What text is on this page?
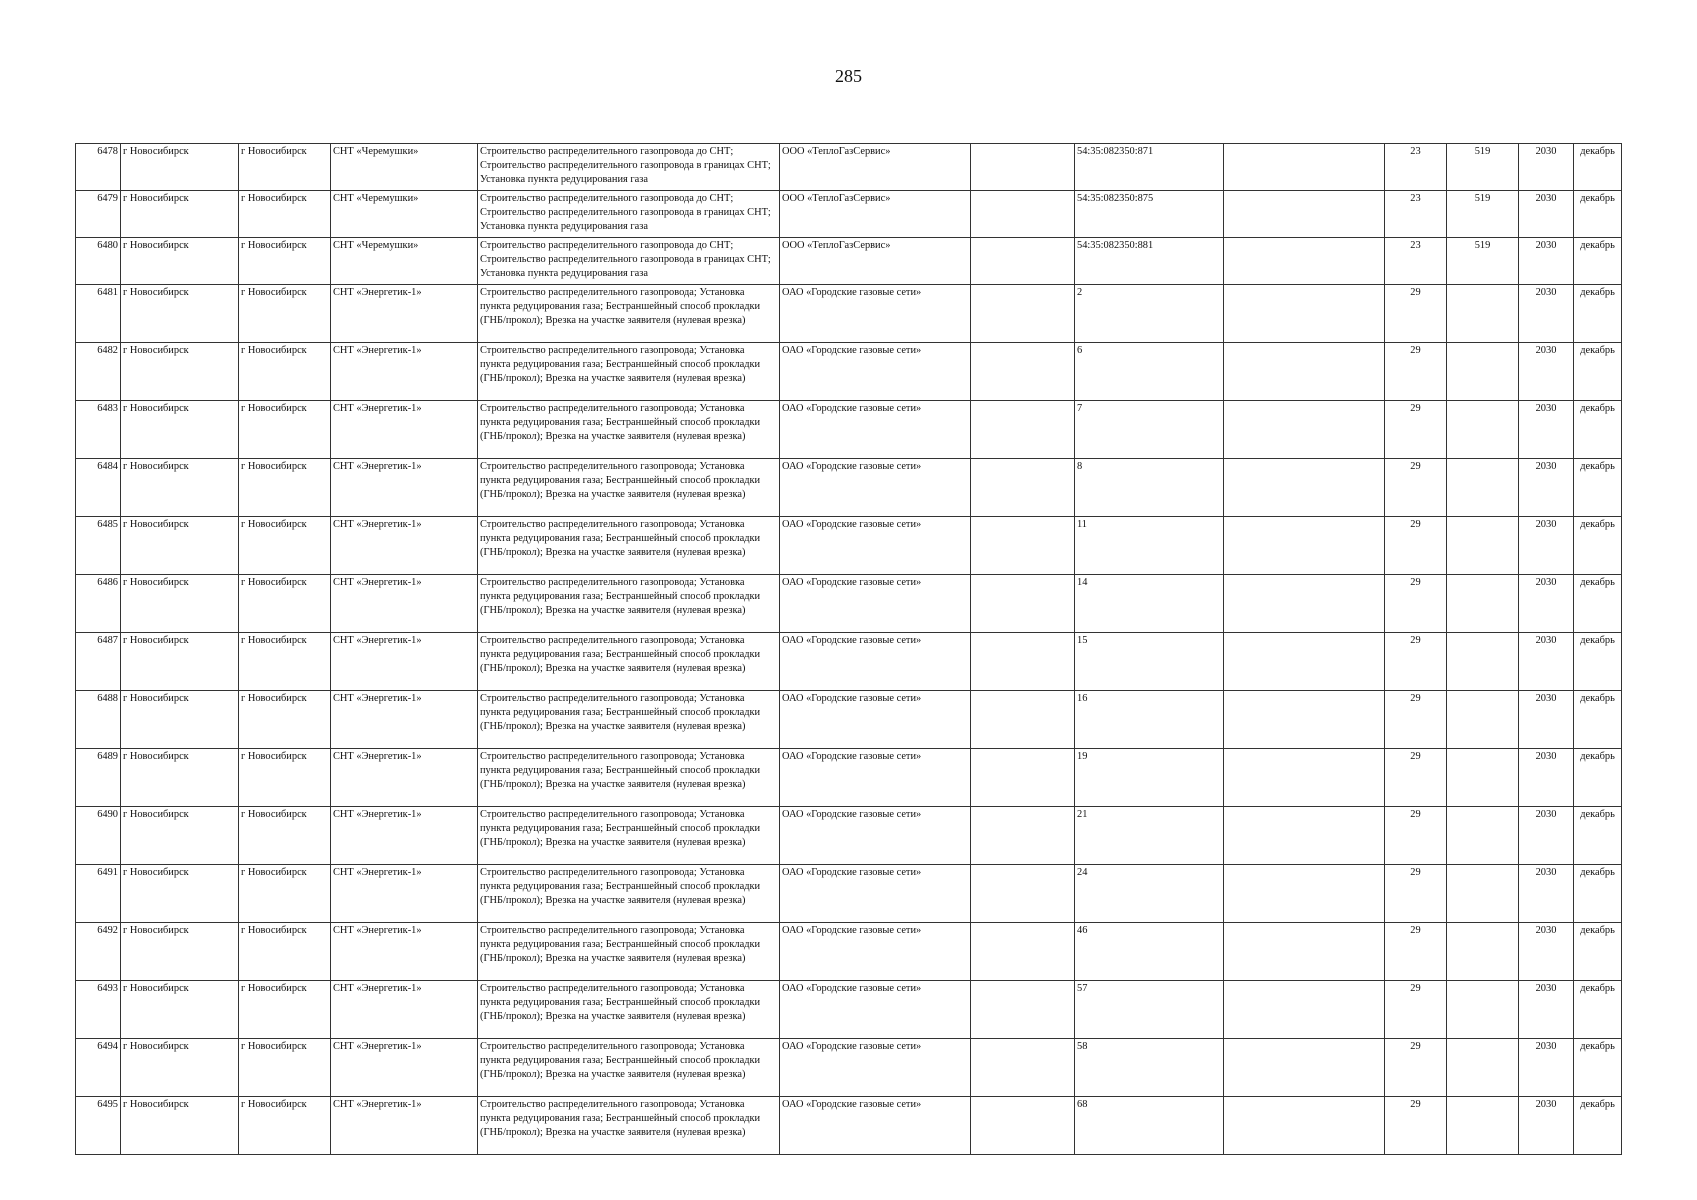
285
6478	г Новосибирск	г Новосибирск	СНТ «Черемушки»	Строительство распределительного газопровода до СНТ; Строительство распределительного газопровода в границах СНТ; Установка пункта редуцирования газа	ООО «ТеплоГазСервис»		54:35:082350:871		23	519	2030	декабрь
6479	г Новосибирск	г Новосибирск	СНТ «Черемушки»	Строительство распределительного газопровода до СНТ; Строительство распределительного газопровода в границах СНТ; Установка пункта редуцирования газа	ООО «ТеплоГазСервис»		54:35:082350:875		23	519	2030	декабрь
6480	г Новосибирск	г Новосибирск	СНТ «Черемушки»	Строительство распределительного газопровода до СНТ; Строительство распределительного газопровода в границах СНТ; Установка пункта редуцирования газа	ООО «ТеплоГазСервис»		54:35:082350:881		23	519	2030	декабрь
6481	г Новосибирск	г Новосибирск	СНТ «Энергетик-1»	Строительство распределительного газопровода; Установка пункта редуцирования газа; Бестраншейный способ прокладки (ГНБ/прокол); Врезка на участке заявителя (нулевая врезка)	ОАО «Городские газовые сети»		2		29		2030	декабрь
6482	г Новосибирск	г Новосибирск	СНТ «Энергетик-1»	Строительство распределительного газопровода; Установка пункта редуцирования газа; Бестраншейный способ прокладки (ГНБ/прокол); Врезка на участке заявителя (нулевая врезка)	ОАО «Городские газовые сети»		6		29		2030	декабрь
6483	г Новосибирск	г Новосибирск	СНТ «Энергетик-1»	Строительство распределительного газопровода; Установка пункта редуцирования газа; Бестраншейный способ прокладки (ГНБ/прокол); Врезка на участке заявителя (нулевая врезка)	ОАО «Городские газовые сети»		7		29		2030	декабрь
6484	г Новосибирск	г Новосибирск	СНТ «Энергетик-1»	Строительство распределительного газопровода; Установка пункта редуцирования газа; Бестраншейный способ прокладки (ГНБ/прокол); Врезка на участке заявителя (нулевая врезка)	ОАО «Городские газовые сети»		8		29		2030	декабрь
6485	г Новосибирск	г Новосибирск	СНТ «Энергетик-1»	Строительство распределительного газопровода; Установка пункта редуцирования газа; Бестраншейный способ прокладки (ГНБ/прокол); Врезка на участке заявителя (нулевая врезка)	ОАО «Городские газовые сети»		11		29		2030	декабрь
6486	г Новосибирск	г Новосибирск	СНТ «Энергетик-1»	Строительство распределительного газопровода; Установка пункта редуцирования газа; Бестраншейный способ прокладки (ГНБ/прокол); Врезка на участке заявителя (нулевая врезка)	ОАО «Городские газовые сети»		14		29		2030	декабрь
6487	г Новосибирск	г Новосибирск	СНТ «Энергетик-1»	Строительство распределительного газопровода; Установка пункта редуцирования газа; Бестраншейный способ прокладки (ГНБ/прокол); Врезка на участке заявителя (нулевая врезка)	ОАО «Городские газовые сети»		15		29		2030	декабрь
6488	г Новосибирск	г Новосибирск	СНТ «Энергетик-1»	Строительство распределительного газопровода; Установка пункта редуцирования газа; Бестраншейный способ прокладки (ГНБ/прокол); Врезка на участке заявителя (нулевая врезка)	ОАО «Городские газовые сети»		16		29		2030	декабрь
6489	г Новосибирск	г Новосибирск	СНТ «Энергетик-1»	Строительство распределительного газопровода; Установка пункта редуцирования газа; Бестраншейный способ прокладки (ГНБ/прокол); Врезка на участке заявителя (нулевая врезка)	ОАО «Городские газовые сети»		19		29		2030	декабрь
6490	г Новосибирск	г Новосибирск	СНТ «Энергетик-1»	Строительство распределительного газопровода; Установка пункта редуцирования газа; Бестраншейный способ прокладки (ГНБ/прокол); Врезка на участке заявителя (нулевая врезка)	ОАО «Городские газовые сети»		21		29		2030	декабрь
6491	г Новосибирск	г Новосибирск	СНТ «Энергетик-1»	Строительство распределительного газопровода; Установка пункта редуцирования газа; Бестраншейный способ прокладки (ГНБ/прокол); Врезка на участке заявителя (нулевая врезка)	ОАО «Городские газовые сети»		24		29		2030	декабрь
6492	г Новосибирск	г Новосибирск	СНТ «Энергетик-1»	Строительство распределительного газопровода; Установка пункта редуцирования газа; Бестраншейный способ прокладки (ГНБ/прокол); Врезка на участке заявителя (нулевая врезка)	ОАО «Городские газовые сети»		46		29		2030	декабрь
6493	г Новосибирск	г Новосибирск	СНТ «Энергетик-1»	Строительство распределительного газопровода; Установка пункта редуцирования газа; Бестраншейный способ прокладки (ГНБ/прокол); Врезка на участке заявителя (нулевая врезка)	ОАО «Городские газовые сети»		57		29		2030	декабрь
6494	г Новосибирск	г Новосибирск	СНТ «Энергетик-1»	Строительство распределительного газопровода; Установка пункта редуцирования газа; Бестраншейный способ прокладки (ГНБ/прокол); Врезка на участке заявителя (нулевая врезка)	ОАО «Городские газовые сети»		58		29		2030	декабрь
6495	г Новосибирск	г Новосибирск	СНТ «Энергетик-1»	Строительство распределительного газопровода; Установка пункта редуцирования газа; Бестраншейный способ прокладки (ГНБ/прокол); Врезка на участке заявителя (нулевая врезка)	ОАО «Городские газовые сети»		68		29		2030	декабрь
